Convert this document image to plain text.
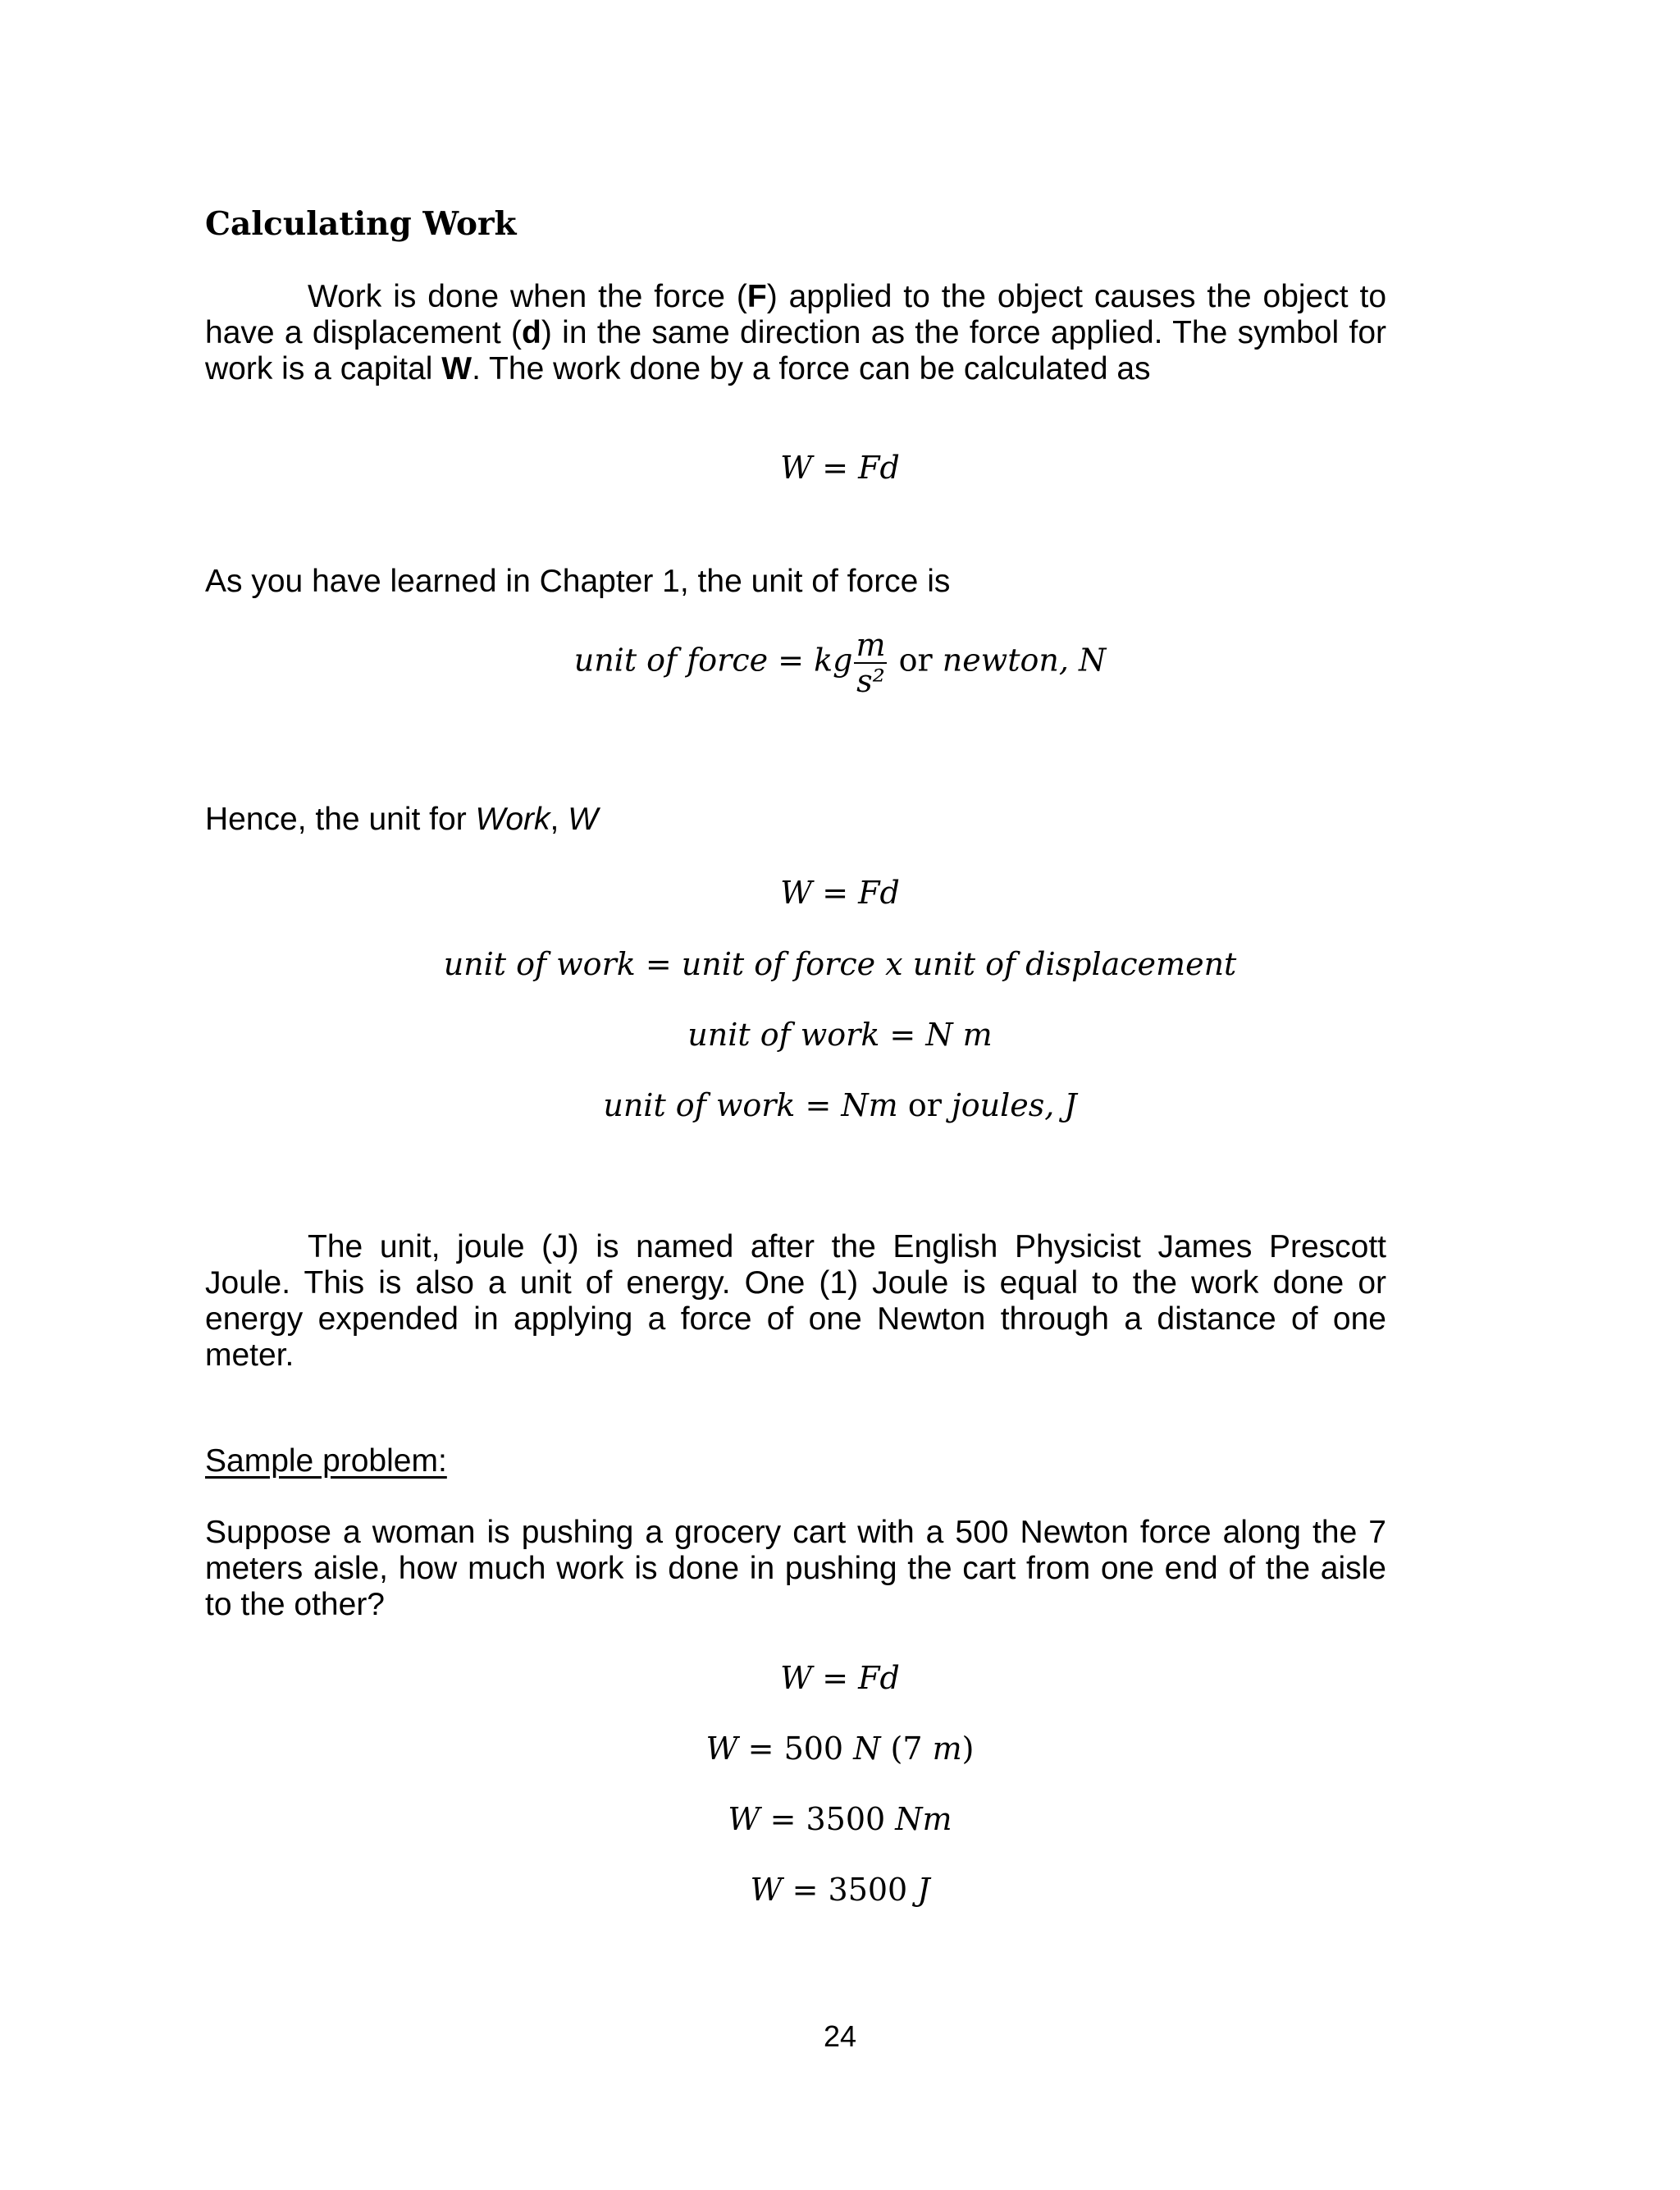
Calculating Work

Work is done when the force (F) applied to the object causes the object to have a displacement (d) in the same direction as the force applied. The symbol for work is a capital W. The work done by a force can be calculated as

W = Fd

As you have learned in Chapter 1, the unit of force is

unit of force = kg $\frac{m}{\text{s²}}$ or newton, N

Hence, the unit for Work, W

W = Fd
unit of work = unit of force x unit of displacement
unit of work = N m
unit of work = Nm or joules, J

The unit, joule (J) is named after the English Physicist James Prescott Joule. This is also a unit of energy. One (1) Joule is equal to the work done or energy expended in applying a force of one Newton through a distance of one meter.

Sample problem:

Suppose a woman is pushing a grocery cart with a 500 Newton force along the 7 meters aisle, how much work is done in pushing the cart from one end of the aisle to the other?

W = Fd
W = 500 N (7 m)
W = 3500 Nm
W = 3500 J
24
